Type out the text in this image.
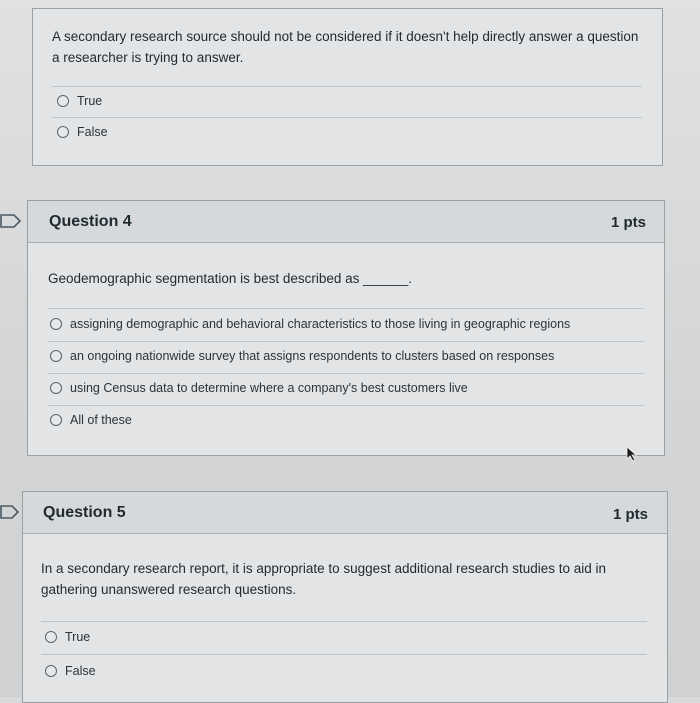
A secondary research source should not be considered if it doesn't help directly answer a question a researcher is trying to answer.
True
False
Question 4	1 pts
Geodemographic segmentation is best described as ______.
assigning demographic and behavioral characteristics to those living in geographic regions
an ongoing nationwide survey that assigns respondents to clusters based on responses
using Census data to determine where a company's best customers live
All of these
Question 5	1 pts
In a secondary research report, it is appropriate to suggest additional research studies to aid in gathering unanswered research questions.
True
False
